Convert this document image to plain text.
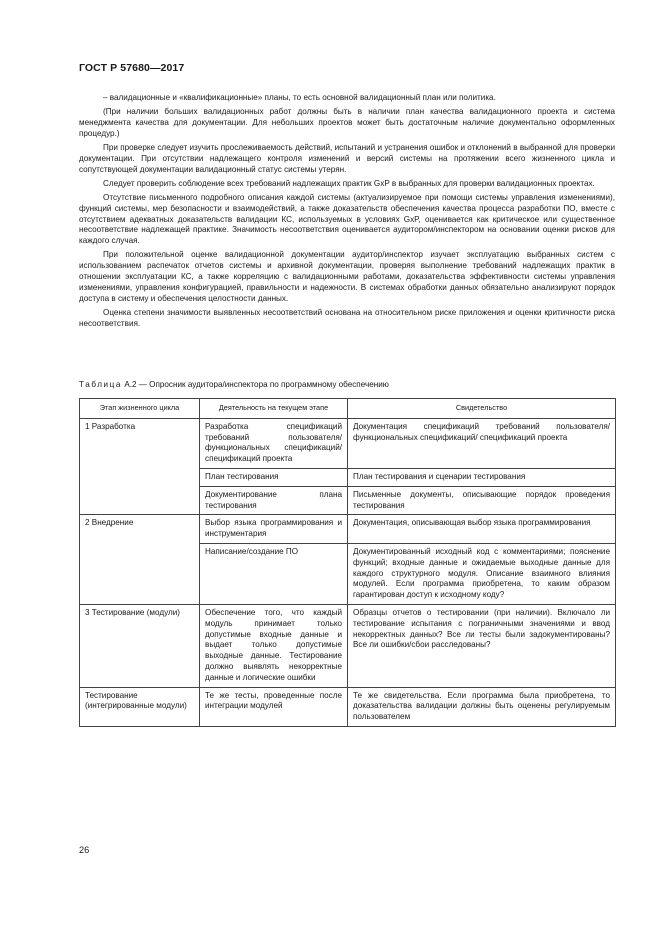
ГОСТ Р 57680—2017

– валидационные и «квалификационные» планы, то есть основной валидационный план или политика.

(При наличии больших валидационных работ должны быть в наличии план качества валидационного проекта и система менеджмента качества для документации. Для небольших проектов может быть достаточным наличие документально оформленных процедур.)

При проверке следует изучить прослеживаемость действий, испытаний и устранения ошибок и отклонений в выбранной для проверки документации. При отсутствии надлежащего контроля изменений и версий системы на протяжении всего жизненного цикла и сопутствующей документации валидационный статус системы утерян.

Следует проверить соблюдение всех требований надлежащих практик GxP в выбранных для проверки валидационных проектах.

Отсутствие письменного подробного описания каждой системы (актуализируемое при помощи системы управления изменениями), функций системы, мер безопасности и взаимодействий, а также доказательств обеспечения качества процесса разработки ПО, вместе с отсутствием адекватных доказательств валидации КС, используемых в условиях GxP, оценивается как критическое или существенное несоответствие надлежащей практике. Значимость несоответствия оценивается аудитором/инспектором на основании оценки рисков для каждого случая.

При положительной оценке валидационной документации аудитор/инспектор изучает эксплуатацию выбранных систем с использованием распечаток отчетов системы и архивной документации, проверяя выполнение требований надлежащих практик в отношении эксплуатации КС, а также корреляцию с валидационными работами, доказательства эффективности системы управления изменениями, управления конфигурацией, правильности и надежности. В системах обработки данных обязательно анализируют порядок доступа в систему и обеспечения целостности данных.

Оценка степени значимости выявленных несоответствий основана на относительном риске приложения и оценки критичности риска несоответствия.

Таблица А.2 — Опросник аудитора/инспектора по программному обеспечению
Этап жизненного цикла	Деятельность на текущем этапе	Свидетельство
1 Разработка	Разработка спецификаций требований пользователя/ функциональных спецификаций/спецификаций проекта	Документация спецификаций требований пользователя/ функциональных спецификаций/ спецификаций проекта
	План тестирования	План тестирования и сценарии тестирования
	Документирование плана тестирования	Письменные документы, описывающие порядок проведения тестирования
2 Внедрение	Выбор языка программирования и инструментария	Документация, описывающая выбор языка программирования
	Написание/создание ПО	Документированный исходный код с комментариями; пояснение функций; входные данные и ожидаемые выходные данные для каждого структурного модуля. Описание взаимного влияния модулей. Если программа приобретена, то каким образом гарантирован доступ к исходному коду?
3 Тестирование (модули)	Обеспечение того, что каждый модуль принимает только допустимые входные данные и выдает только допустимые выходные данные. Тестирование должно выявлять некорректные данные и логические ошибки	Образцы отчетов о тестировании (при наличии). Включало ли тестирование испытания с пограничными значениями и ввод некорректных данных? Все ли тесты были задокументированы? Все ли ошибки/сбои расследованы?
Тестирование (интегрированные модули)	Те же тесты, проведенные после интеграции модулей	Те же свидетельства. Если программа была приобретена, то доказательства валидации должны быть оценены регулируемым пользователем
26
